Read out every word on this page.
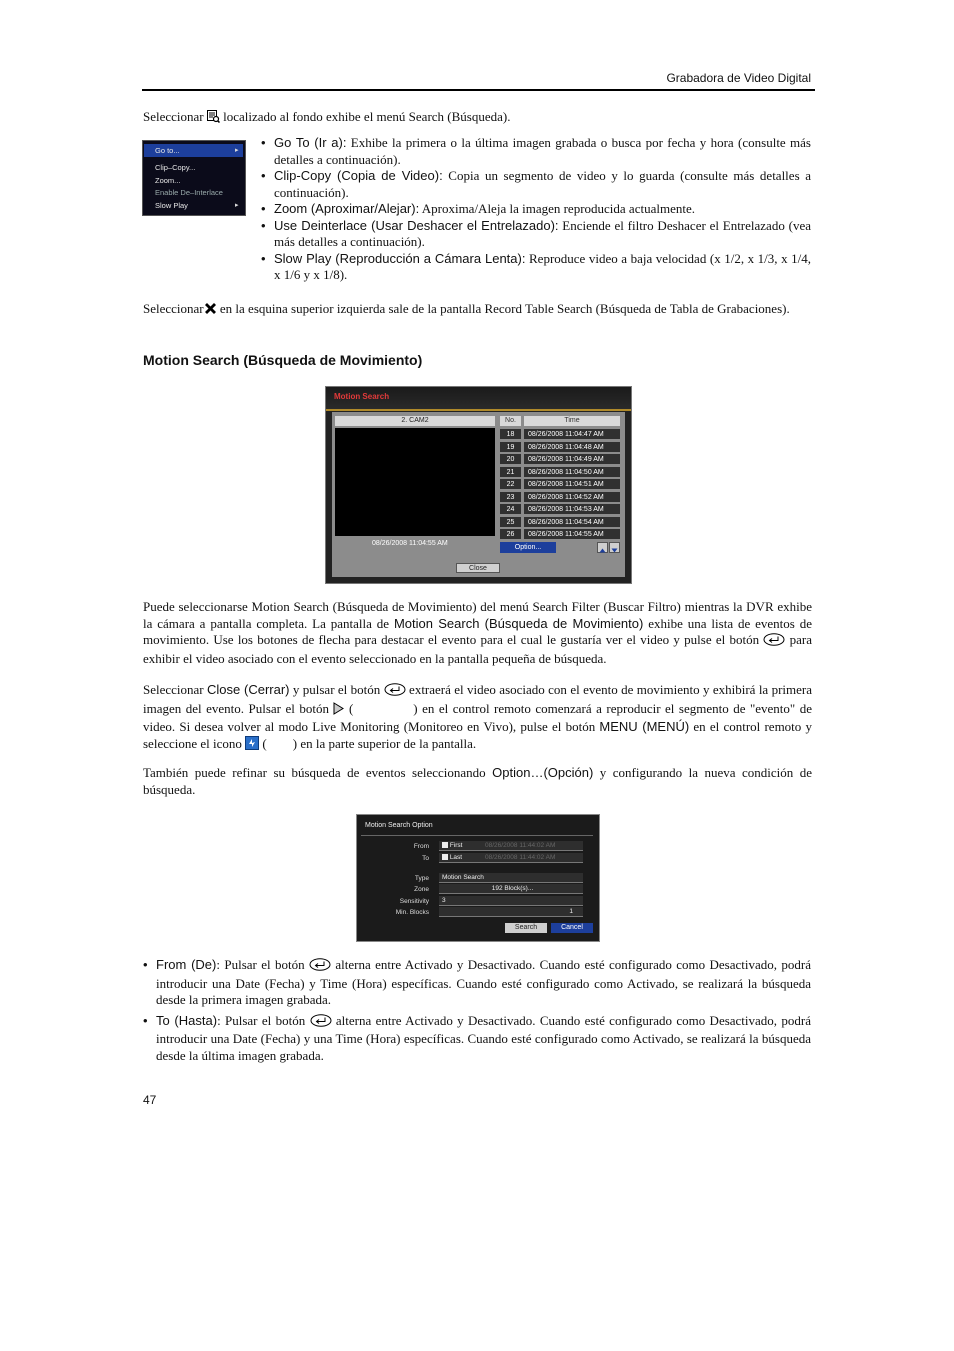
Grabadora de Video Digital

Seleccionar  localizado al fondo exhibe el menú Search (Búsqueda).

Go to...	▸
Clip–Copy...
Zoom...
Enable De–Interlace
Slow Play	▸
• Go To (Ir a): Exhibe la primera o la última imagen grabada o busca por fecha y hora (consulte más detalles a continuación).
• Clip-Copy (Copia de Video): Copia un segmento de video y lo guarda (consulte más detalles a continuación).
• Zoom (Aproximar/Alejar): Aproxima/Aleja la imagen reproducida actualmente.
• Use Deinterlace (Usar Deshacer el Entrelazado): Enciende el filtro Deshacer el Entrelazado (vea más detalles a continuación).
• Slow Play (Reproducción a Cámara Lenta): Reproduce video a baja velocidad (x 1/2, x 1/3, x 1/4, x 1/6 y x 1/8).

Seleccionar en la esquina superior izquierda sale de la pantalla Record Table Search (Búsqueda de Tabla de Grabaciones).

Motion Search (Búsqueda de Movimiento)
Motion Search
2. CAM2
08/26/2008 11:04:55 AM
No.	Time
18	08/26/2008 11:04:47 AM
19	08/26/2008 11:04:48 AM
20	08/26/2008 11:04:49 AM
21	08/26/2008 11:04:50 AM
22	08/26/2008 11:04:51 AM
23	08/26/2008 11:04:52 AM
24	08/26/2008 11:04:53 AM
25	08/26/2008 11:04:54 AM
26	08/26/2008 11:04:55 AM
Option...
Close

Puede seleccionarse Motion Search (Búsqueda de Movimiento) del menú Search Filter (Buscar Filtro) mientras la DVR exhibe la cámara a pantalla completa. La pantalla de Motion Search (Búsqueda de Movimiento) exhibe una lista de eventos de movimiento. Use los botones de flecha para destacar el evento para el cual le gustaría ver el video y pulse el botón  para exhibir el video asociado con el evento seleccionado en la pantalla pequeña de búsqueda.

Seleccionar Close (Cerrar) y pulsar el botón  extraerá el video asociado con el evento de movimiento y exhibirá la primera imagen del evento. Pulsar el botón  (	) en el control remoto comenzará a reproducir el segmento de "evento" de video. Si desea volver al modo Live Monitoring (Monitoreo en Vivo), pulse el botón MENU (MENÚ) en el control remoto y seleccione el icono  ( ) en la parte superior de la pantalla.

También puede refinar su búsqueda de eventos seleccionando Option…(Opción) y configurando la nueva condición de búsqueda.

Motion Search Option
From	First	08/26/2008 11:44:02 AM
To	Last	08/26/2008 11:44:02 AM
Type	Motion Search
Zone	192 Block(s)...
Sensitivity	3
Min. Blocks	1
Search	Cancel
• From (De): Pulsar el botón  alterna entre Activado y Desactivado. Cuando esté configurado como Desactivado, podrá introducir una Date (Fecha) y Time (Hora) específicas. Cuando esté configurado como Activado, se realizará la búsqueda desde la primera imagen grabada.
• To (Hasta): Pulsar el botón  alterna entre Activado y Desactivado. Cuando esté configurado como Desactivado, podrá introducir una Date (Fecha) y una Time (Hora) específicas. Cuando esté configurado como Activado, se realizará la búsqueda desde la última imagen grabada.
47
